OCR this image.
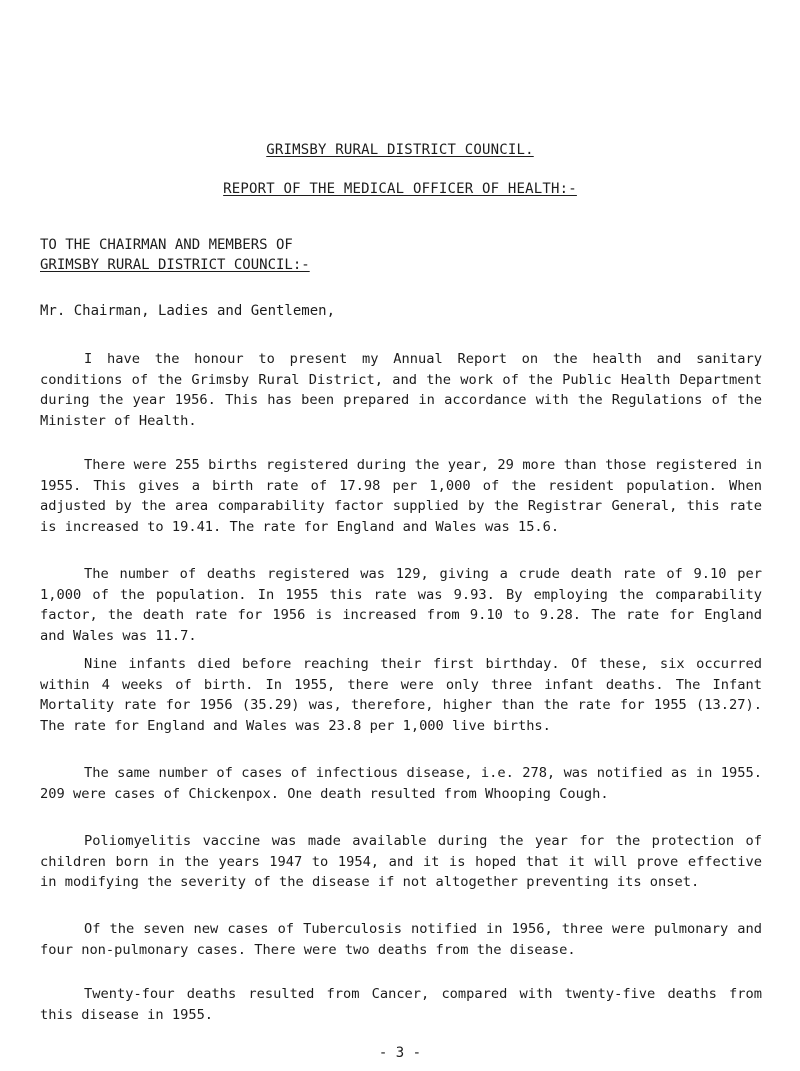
GRIMSBY RURAL DISTRICT COUNCIL.
REPORT OF THE MEDICAL OFFICER OF HEALTH:-
TO THE CHAIRMAN AND MEMBERS OF
GRIMSBY RURAL DISTRICT COUNCIL:-
Mr. Chairman, Ladies and Gentlemen,

I have the honour to present my Annual Report on the health and sanitary conditions of the Grimsby Rural District, and the work of the Public Health Department during the year 1956. This has been prepared in accordance with the Regulations of the Minister of Health.

There were 255 births registered during the year, 29 more than those registered in 1955. This gives a birth rate of 17.98 per 1,000 of the resident population. When adjusted by the area comparability factor supplied by the Registrar General, this rate is increased to 19.41. The rate for England and Wales was 15.6.

The number of deaths registered was 129, giving a crude death rate of 9.10 per 1,000 of the population. In 1955 this rate was 9.93. By employing the comparability factor, the death rate for 1956 is increased from 9.10 to 9.28. The rate for England and Wales was 11.7.

Nine infants died before reaching their first birthday. Of these, six occurred within 4 weeks of birth. In 1955, there were only three infant deaths. The Infant Mortality rate for 1956 (35.29) was, therefore, higher than the rate for 1955 (13.27). The rate for England and Wales was 23.8 per 1,000 live births.

The same number of cases of infectious disease, i.e. 278, was notified as in 1955. 209 were cases of Chickenpox. One death resulted from Whooping Cough.

Poliomyelitis vaccine was made available during the year for the protection of children born in the years 1947 to 1954, and it is hoped that it will prove effective in modifying the severity of the disease if not altogether preventing its onset.

Of the seven new cases of Tuberculosis notified in 1956, three were pulmonary and four non-pulmonary cases. There were two deaths from the disease.

Twenty-four deaths resulted from Cancer, compared with twenty-five deaths from this disease in 1955.

- 3 -
